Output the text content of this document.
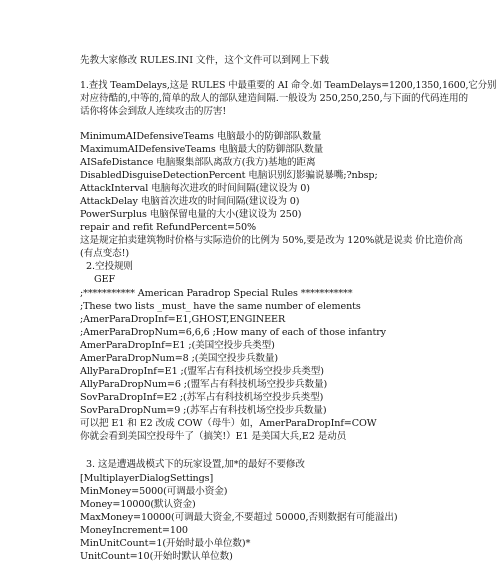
先教大家修改 RULES.INI 文件，这个文件可以到网上下载
1.查找 TeamDelays,这是 RULES 中最重要的 AI 命令.如 TeamDelays=1200,1350,1600,它分别
对应待酷的,中等的,简单的敌人的部队建造间隔.一般设为 250,250,250,与下面的代码连用的
话你将体会到敌人连续攻击的厉害!
MinimumAIDefensiveTeams 电脑最小的防御部队数量
MaximumAIDefensiveTeams 电脑最大的防御部队数量
AISafeDistance 电脑聚集部队离敌方(我方)基地的距离
DisabledDisguiseDetectionPercent 电脑识别幻影骗说暴嘴;?nbsp;
AttackInterval 电脑每次进攻的时间间隔(建议设为 0)
AttackDelay 电脑首次进攻的时间间隔(建议设为 0)
PowerSurplus 电脑保留电量的大小(建议设为 250)
repair and refit RefundPercent=50%
这是规定拍卖建筑物时价格与实际造价的比例为 50%,要是改为 120%就是说卖 价比造价高
(有点变态!)
2.空投规则
GEF
;*********** American Paradrop Special Rules ***********
;These two lists _must_ have the same number of elements
;AmerParaDropInf=E1,GHOST,ENGINEER
;AmerParaDropNum=6,6,6 ;How many of each of those infantry
AmerParaDropInf=E1 ;(美国空投步兵类型)
AmerParaDropNum=8 ;(美国空投步兵数量)
AllyParaDropInf=E1 ;(盟军占有科技机场空投步兵类型)
AllyParaDropNum=6 ;(盟军占有科技机场空投步兵数量)
SovParaDropInf=E2 ;(苏军占有科技机场空投步兵类型)
SovParaDropNum=9 ;(苏军占有科技机场空投步兵数量)
可以把 E1 和 E2 改成 COW（母牛）如，AmerParaDropInf=COW
你就会看到美国空投母牛了（搞笑!）E1 是美国大兵,E2 是动员
3. 这是遭遇战模式下的玩家设置,加*的最好不要修改
[MultiplayerDialogSettings]
MinMoney=5000(可调最小资金)
Money=10000(默认资金)
MaxMoney=10000(可调最大资金,不要超过 50000,否则数据有可能溢出)
MoneyIncrement=100
MinUnitCount=1(开始时最小单位数)*
UnitCount=10(开始时默认单位数)
